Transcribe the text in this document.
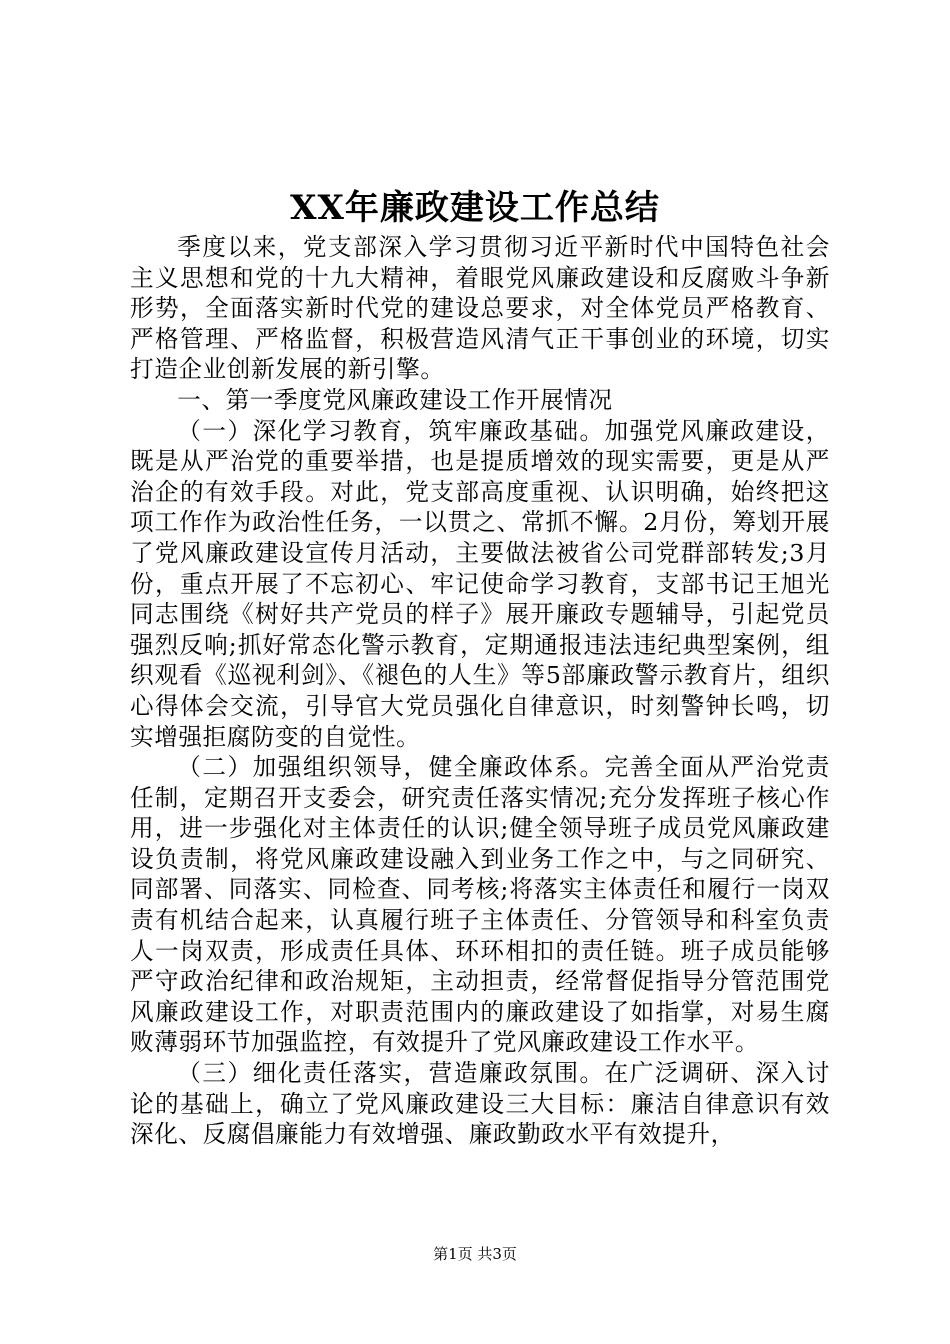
XX年廉政建设工作总结

季度以来，党支部深入学习贯彻习近平新时代中国特色社会主义思想和党的十九大精神，着眼党风廉政建设和反腐败斗争新形势，全面落实新时代党的建设总要求，对全体党员严格教育、严格管理、严格监督，积极营造风清气正干事创业的环境，切实打造企业创新发展的新引擎。

一、第一季度党风廉政建设工作开展情况

（一）深化学习教育，筑牢廉政基础。加强党风廉政建设，既是从严治党的重要举措，也是提质增效的现实需要，更是从严治企的有效手段。对此，党支部高度重视、认识明确，始终把这项工作作为政治性任务，一以贯之、常抓不懈。2月份，筹划开展了党风廉政建设宣传月活动，主要做法被省公司党群部转发;3月份，重点开展了不忘初心、牢记使命学习教育，支部书记王旭光同志围绕《树好共产党员的样子》展开廉政专题辅导，引起党员强烈反响;抓好常态化警示教育，定期通报违法违纪典型案例，组织观看《巡视利剑》、《褪色的人生》等5部廉政警示教育片，组织心得体会交流，引导官大党员强化自律意识，时刻警钟长鸣，切实增强拒腐防变的自觉性。

（二）加强组织领导，健全廉政体系。完善全面从严治党责任制，定期召开支委会，研究责任落实情况;充分发挥班子核心作用，进一步强化对主体责任的认识;健全领导班子成员党风廉政建设负责制，将党风廉政建设融入到业务工作之中，与之同研究、同部署、同落实、同检查、同考核;将落实主体责任和履行一岗双责有机结合起来，认真履行班子主体责任、分管领导和科室负责人一岗双责，形成责任具体、环环相扣的责任链。班子成员能够严守政治纪律和政治规矩，主动担责，经常督促指导分管范围党风廉政建设工作，对职责范围内的廉政建设了如指掌，对易生腐败薄弱环节加强监控，有效提升了党风廉政建设工作水平。

（三）细化责任落实，营造廉政氛围。在广泛调研、深入讨论的基础上，确立了党风廉政建设三大目标：廉洁自律意识有效深化、反腐倡廉能力有效增强、廉政勤政水平有效提升，

第1页 共3页
